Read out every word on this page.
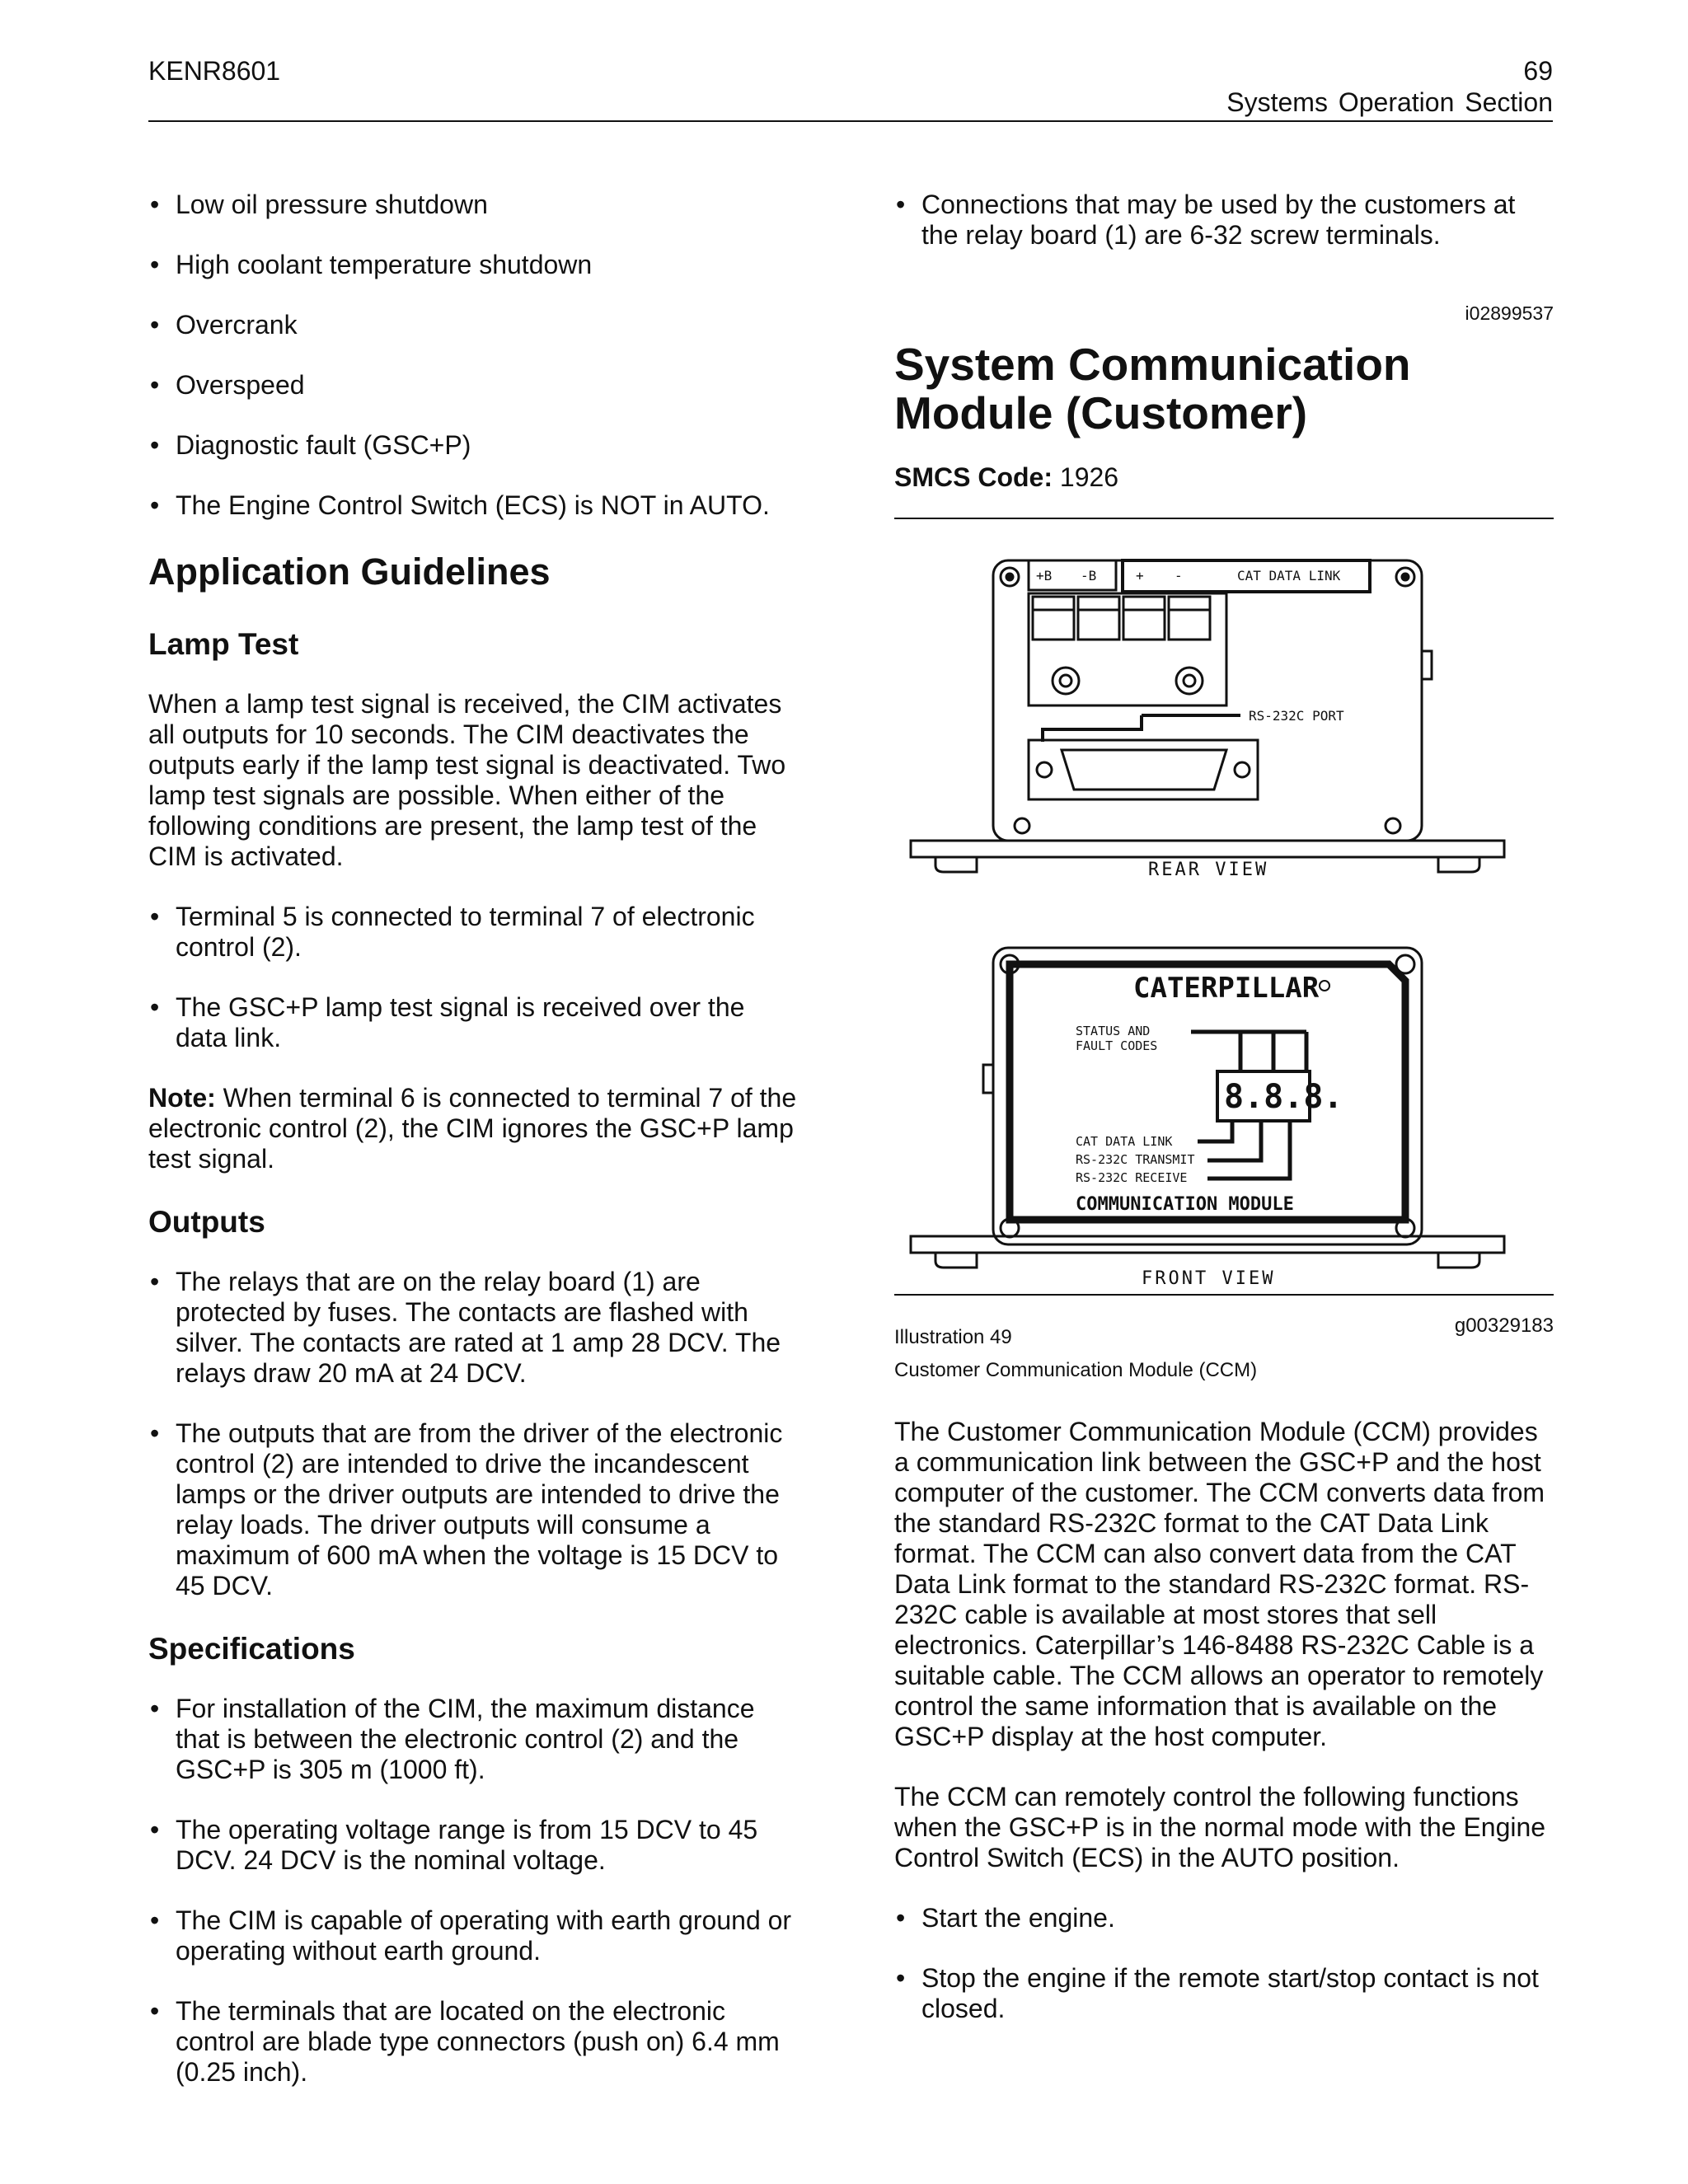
KENR8601	69
Systems Operation Section
• Low oil pressure shutdown
• High coolant temperature shutdown
• Overcrank
• Overspeed
• Diagnostic fault (GSC+P)
• The Engine Control Switch (ECS) is NOT in AUTO.
Application Guidelines
Lamp Test

When a lamp test signal is received, the CIM activates all outputs for 10 seconds. The CIM deactivates the outputs early if the lamp test signal is deactivated. Two lamp test signals are possible. When either of the following conditions are present, the lamp test of the CIM is activated.

• Terminal 5 is connected to terminal 7 of electronic control (2).
• The GSC+P lamp test signal is received over the data link.

Note: When terminal 6 is connected to terminal 7 of the electronic control (2), the CIM ignores the GSC+P lamp test signal.

Outputs
• The relays that are on the relay board (1) are protected by fuses. The contacts are flashed with silver. The contacts are rated at 1 amp 28 DCV. The relays draw 20 mA at 24 DCV.
• The outputs that are from the driver of the electronic control (2) are intended to drive the incandescent lamps or the driver outputs are intended to drive the relay loads. The driver outputs will consume a maximum of 600 mA when the voltage is 15 DCV to 45 DCV.
Specifications
• For installation of the CIM, the maximum distance that is between the electronic control (2) and the GSC+P is 305 m (1000 ft).
• The operating voltage range is from 15 DCV to 45 DCV. 24 DCV is the nominal voltage.
• The CIM is capable of operating with earth ground or operating without earth ground.
• The terminals that are located on the electronic control are blade type connectors (push on) 6.4 mm (0.25 inch).
• Connections that may be used by the customers at the relay board (1) are 6-32 screw terminals.
i02899537
System Communication Module (Customer)
SMCS Code: 1926
+B -B	+ -	CAT DATA LINK
RS-232C PORT
REAR VIEW
CATERPILLAR
STATUS AND
FAULT CODES
8.8.8.
CAT DATA LINK
RS-232C TRANSMIT
RS-232C RECEIVE
COMMUNICATION MODULE
FRONT VIEW
Illustration 49
g00329183
Customer Communication Module (CCM)

The Customer Communication Module (CCM) provides a communication link between the GSC+P and the host computer of the customer. The CCM converts data from the standard RS-232C format to the CAT Data Link format. The CCM can also convert data from the CAT Data Link format to the standard RS-232C format. RS-232C cable is available at most stores that sell electronics. Caterpillar’s 146-8488 RS-232C Cable is a suitable cable. The CCM allows an operator to remotely control the same information that is available on the GSC+P display at the host computer.

The CCM can remotely control the following functions when the GSC+P is in the normal mode with the Engine Control Switch (ECS) in the AUTO position.

• Start the engine.
• Stop the engine if the remote start/stop contact is not closed.
